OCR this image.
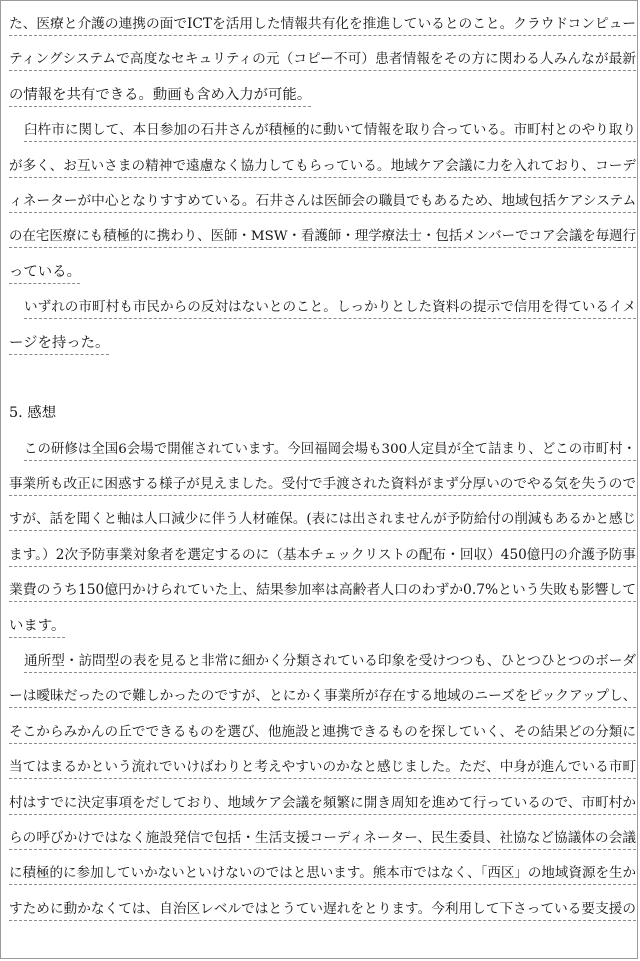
た、医療と介護の連携の面でICTを活用した情報共有化を推進しているとのこと。クラウドコンピュー
ティングシステムで高度なセキュリティの元（コピー不可）患者情報をその方に関わる人みんなが最新
の情報を共有できる。動画も含め入力が可能。
臼杵市に関して、本日参加の石井さんが積極的に動いて情報を取り合っている。市町村とのやり取り
が多く、お互いさまの精神で遠慮なく協力してもらっている。地域ケア会議に力を入れており、コーデ
ィネーターが中心となりすすめている。石井さんは医師会の職員でもあるため、地域包括ケアシステム
の在宅医療にも積極的に携わり、医師・MSW・看護師・理学療法士・包括メンバーでコア会議を毎週行
っている。
いずれの市町村も市民からの反対はないとのこと。しっかりとした資料の提示で信用を得ているイメ
ージを持った。
5. 感想
この研修は全国6会場で開催されています。今回福岡会場も300人定員が全て詰まり、どこの市町村・
事業所も改正に困惑する様子が見えました。受付で手渡された資料がまず分厚いのでやる気を失うので
すが、話を聞くと軸は人口減少に伴う人材確保。(表には出されませんが予防給付の削減もあるかと感じ
ます。）2次予防事業対象者を選定するのに（基本チェックリストの配布・回収）450億円の介護予防事
業費のうち150億円かけられていた上、結果参加率は高齢者人口のわずか0.7%という失敗も影響して
います。
通所型・訪問型の表を見ると非常に細かく分類されている印象を受けつつも、ひとつひとつのボーダ
ーは曖昧だったので難しかったのですが、とにかく事業所が存在する地域のニーズをピックアップし、
そこからみかんの丘でできるものを選び、他施設と連携できるものを探していく、その結果どの分類に
当てはまるかという流れでいけばわりと考えやすいのかなと感じました。ただ、中身が進んでいる市町
村はすでに決定事項をだしており、地域ケア会議を頻繁に開き周知を進めて行っているので、市町村か
らの呼びかけではなく施設発信で包括・生活支援コーディネーター、民生委員、社協など協議体の会議
に積極的に参加していかないといけないのではと思います。熊本市ではなく、「西区」の地域資源を生か
すために動かなくては、自治区レベルではとうてい遅れをとります。今利用して下さっている要支援の
